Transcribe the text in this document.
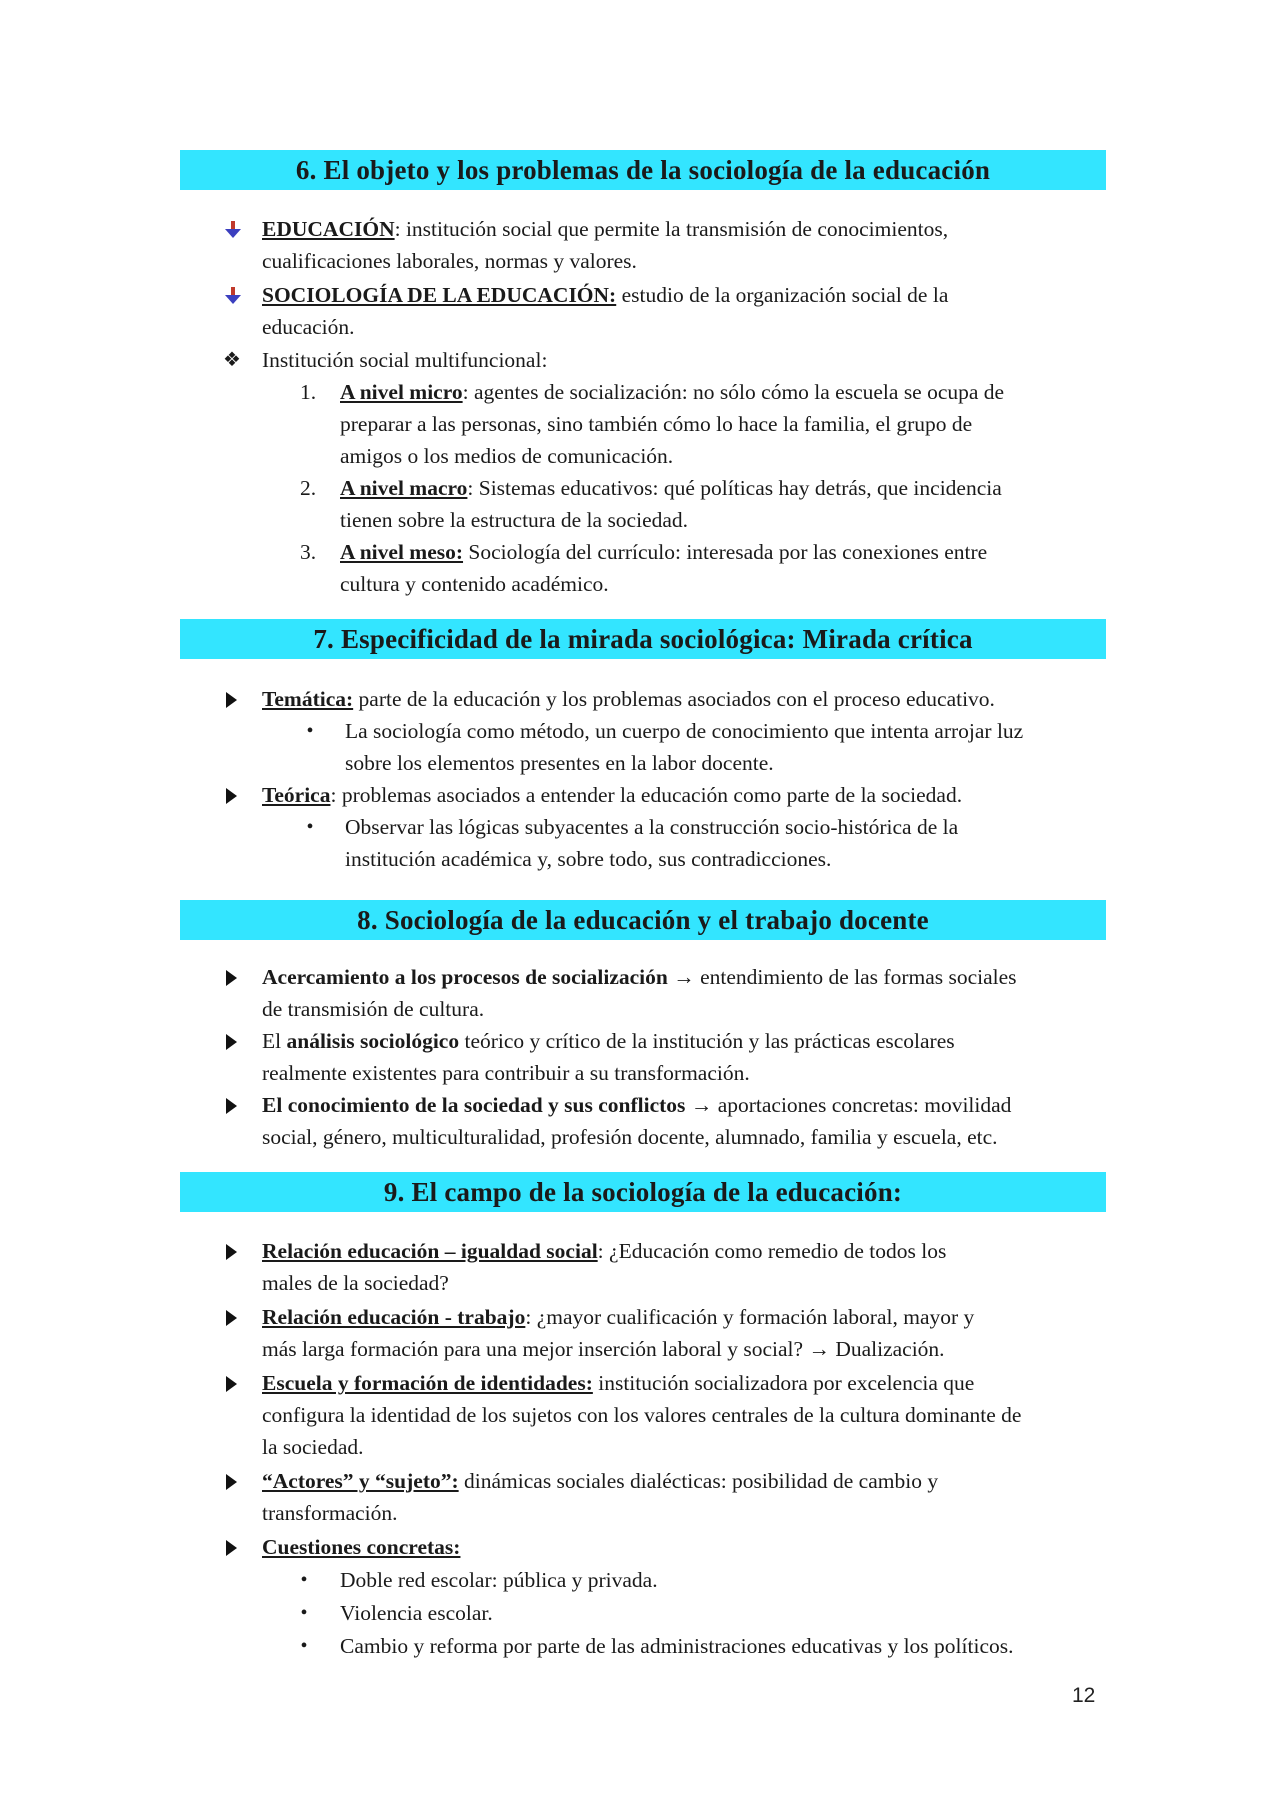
6. El objeto y los problemas de la sociología de la educación
EDUCACIÓN: institución social que permite la transmisión de conocimientos,
cualificaciones laborales, normas y valores.
SOCIOLOGÍA DE LA EDUCACIÓN: estudio de la organización social de la
educación.
❖ Institución social multifuncional:
1. A nivel micro: agentes de socialización: no sólo cómo la escuela se ocupa de
preparar a las personas, sino también cómo lo hace la familia, el grupo de
amigos o los medios de comunicación.
2. A nivel macro: Sistemas educativos: qué políticas hay detrás, que incidencia
tienen sobre la estructura de la sociedad.
3. A nivel meso: Sociología del currículo: interesada por las conexiones entre
cultura y contenido académico.
7. Especificidad de la mirada sociológica: Mirada crítica
Temática: parte de la educación y los problemas asociados con el proceso educativo.
•	La sociología como método, un cuerpo de conocimiento que intenta arrojar luz
sobre los elementos presentes en la labor docente.
Teórica: problemas asociados a entender la educación como parte de la sociedad.
•	Observar las lógicas subyacentes a la construcción socio-histórica de la
institución académica y, sobre todo, sus contradicciones.
8. Sociología de la educación y el trabajo docente
Acercamiento a los procesos de socialización → entendimiento de las formas sociales
de transmisión de cultura.
El análisis sociológico teórico y crítico de la institución y las prácticas escolares
realmente existentes para contribuir a su transformación.
El conocimiento de la sociedad y sus conflictos → aportaciones concretas: movilidad
social, género, multiculturalidad, profesión docente, alumnado, familia y escuela, etc.
9. El campo de la sociología de la educación:
Relación educación – igualdad social: ¿Educación como remedio de todos los
males de la sociedad?
Relación educación - trabajo: ¿mayor cualificación y formación laboral, mayor y
más larga formación para una mejor inserción laboral y social? → Dualización.
Escuela y formación de identidades: institución socializadora por excelencia que
configura la identidad de los sujetos con los valores centrales de la cultura dominante de
la sociedad.
“Actores” y “sujeto”: dinámicas sociales dialécticas: posibilidad de cambio y
transformación.
Cuestiones concretas:
•	Doble red escolar: pública y privada.
•	Violencia escolar.
•	Cambio y reforma por parte de las administraciones educativas y los políticos.
12
